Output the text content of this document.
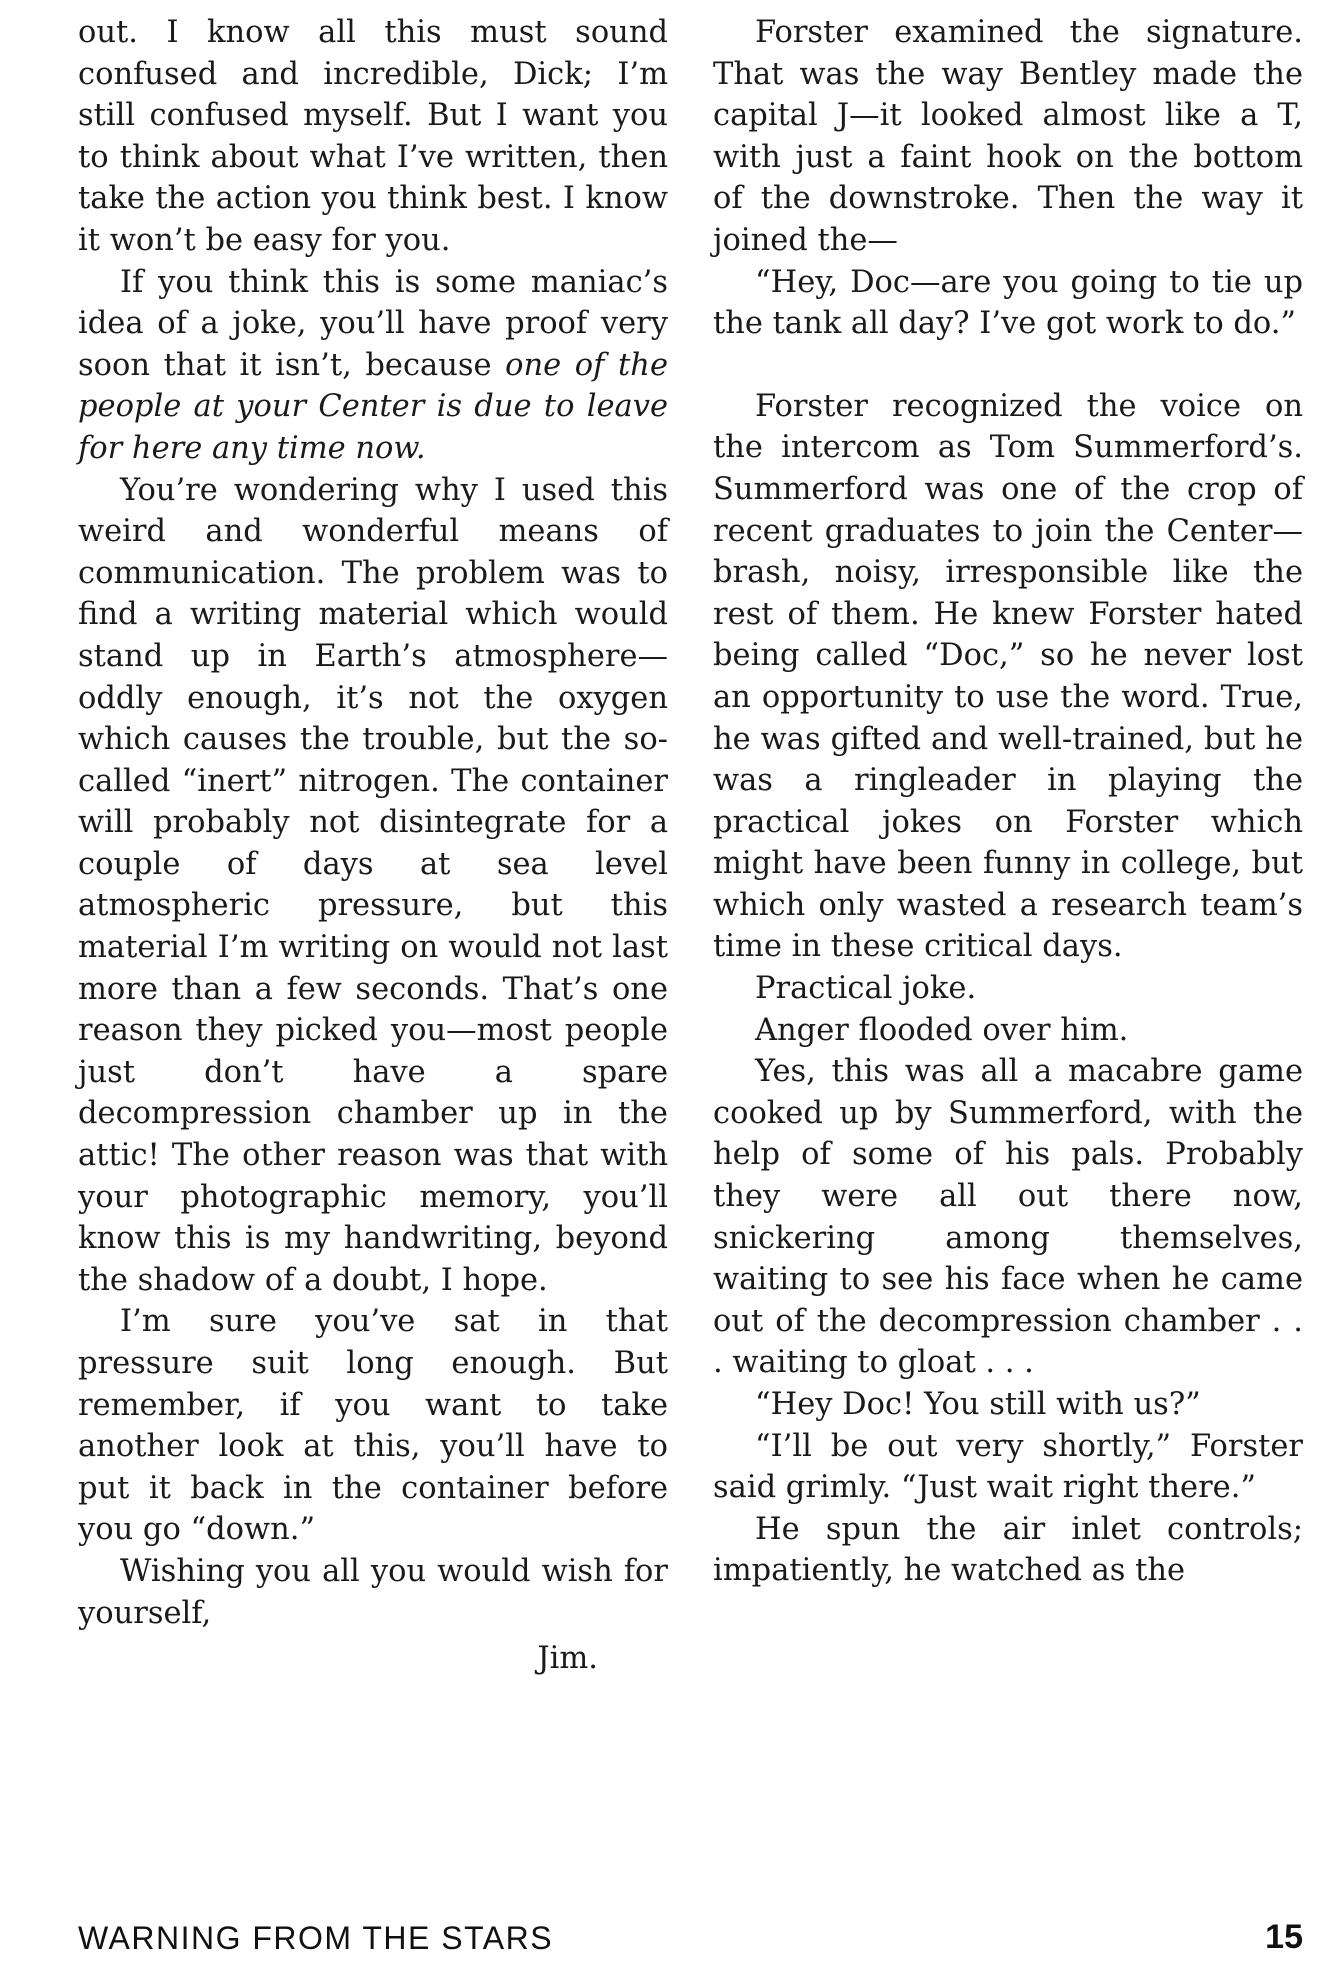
out. I know all this must sound confused and incredible, Dick; I’m still confused myself. But I want you to think about what I’ve written, then take the action you think best. I know it won’t be easy for you.

If you think this is some maniac’s idea of a joke, you’ll have proof very soon that it isn’t, because one of the people at your Center is due to leave for here any time now.

You’re wondering why I used this weird and wonderful means of communication. The problem was to find a writing material which would stand up in Earth’s atmosphere—oddly enough, it’s not the oxygen which causes the trouble, but the so-called “inert” nitrogen. The container will probably not disintegrate for a couple of days at sea level atmospheric pressure, but this material I’m writing on would not last more than a few seconds. That’s one reason they picked you—most people just don’t have a spare decompression chamber up in the attic! The other reason was that with your photographic memory, you’ll know this is my handwriting, beyond the shadow of a doubt, I hope.

I’m sure you’ve sat in that pressure suit long enough. But remember, if you want to take another look at this, you’ll have to put it back in the container before you go “down.”

Wishing you all you would wish for yourself,

Jim.

Forster examined the signature. That was the way Bentley made the capital J—it looked almost like a T, with just a faint hook on the bottom of the downstroke. Then the way it joined the—

“Hey, Doc—are you going to tie up the tank all day? I’ve got work to do.”

Forster recognized the voice on the intercom as Tom Summerford’s. Summerford was one of the crop of recent graduates to join the Center—brash, noisy, irresponsible like the rest of them. He knew Forster hated being called “Doc,” so he never lost an opportunity to use the word. True, he was gifted and well-trained, but he was a ringleader in playing the practical jokes on Forster which might have been funny in college, but which only wasted a research team’s time in these critical days.

Practical joke.

Anger flooded over him.

Yes, this was all a macabre game cooked up by Summerford, with the help of some of his pals. Probably they were all out there now, snickering among themselves, waiting to see his face when he came out of the decompression chamber . . . waiting to gloat . . .

“Hey Doc! You still with us?”

“I’ll be out very shortly,” Forster said grimly. “Just wait right there.”

He spun the air inlet controls; impatiently, he watched as the

WARNING FROM THE STARS	15
